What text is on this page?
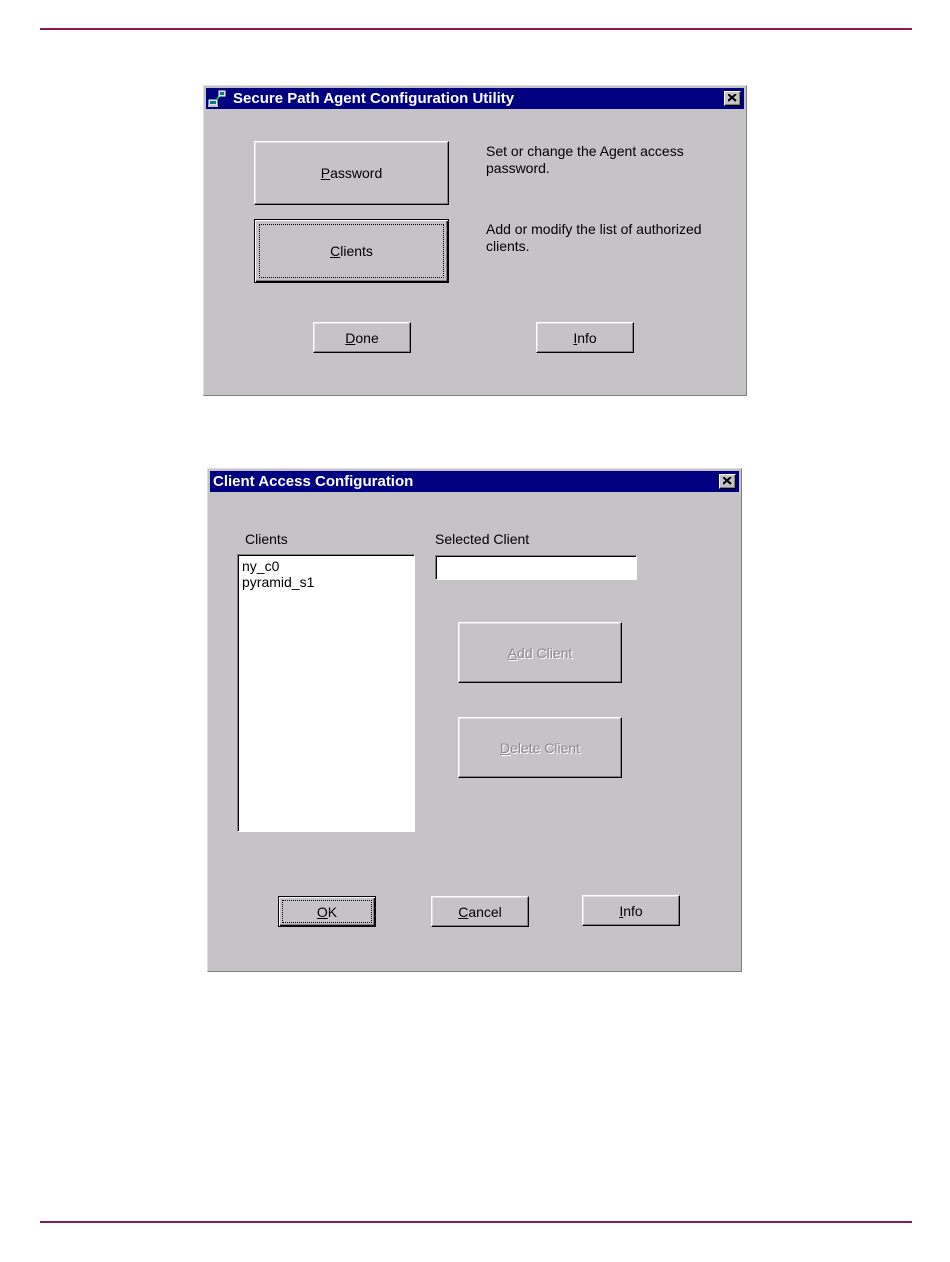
Secure Path Agent Configuration Utility
Password
Set or change the Agent access password.
Clients
Add or modify the list of authorized clients.
Done	Info
Client Access Configuration
Clients
ny_c0
pyramid_s1
Selected Client
Add Client
Delete Client
OK	Cancel	Info
